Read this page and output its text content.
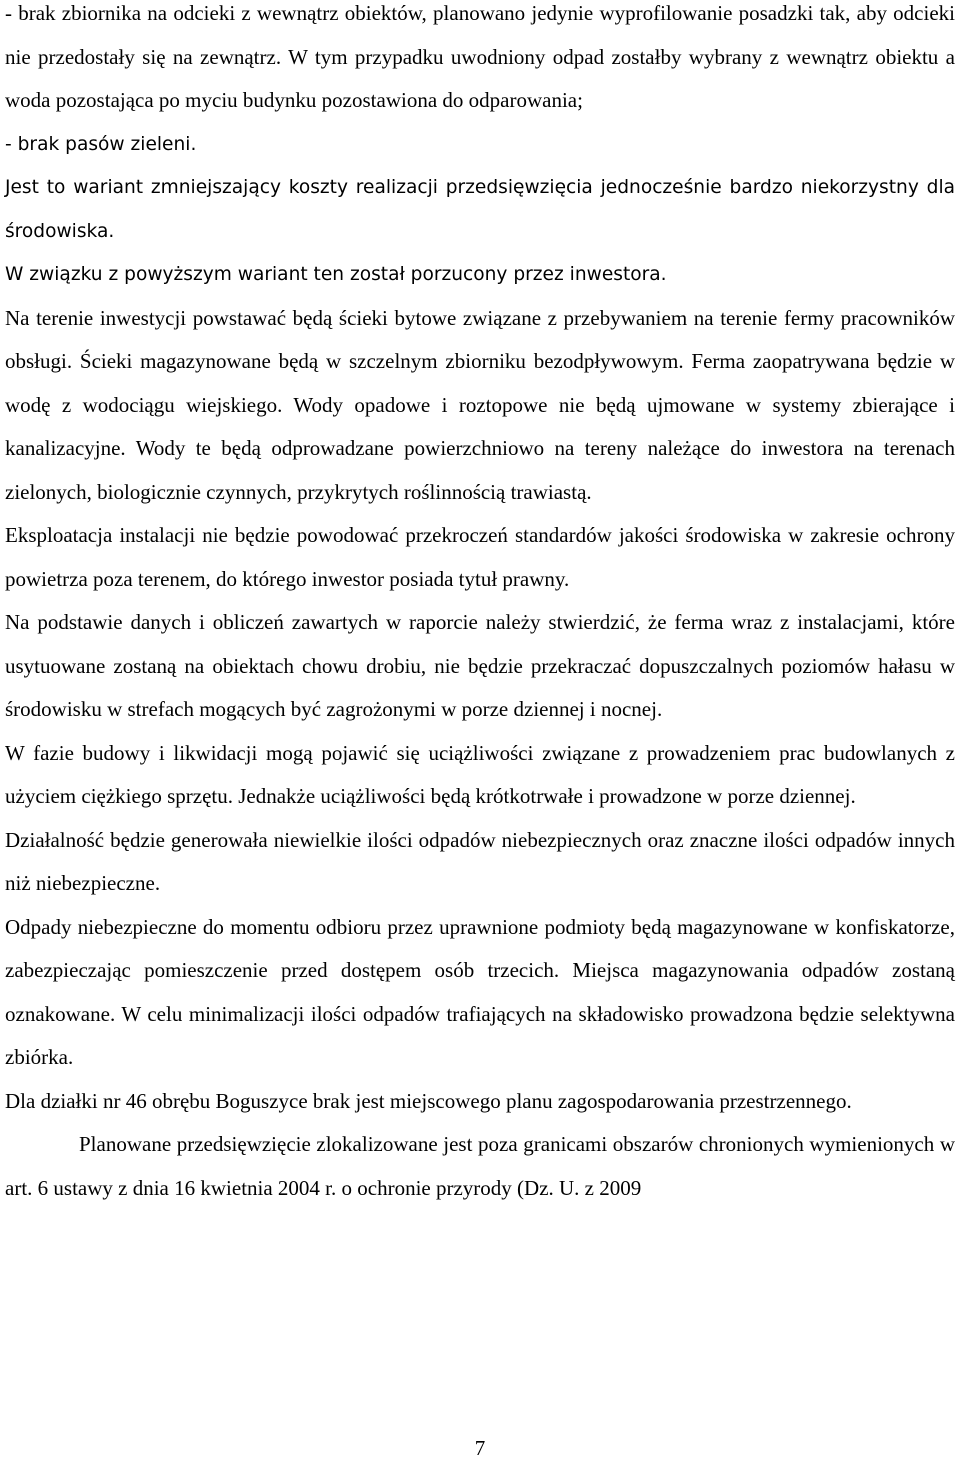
- brak zbiornika na odcieki z wewnątrz obiektów, planowano jedynie wyprofilowanie posadzki tak, aby odcieki nie przedostały się na zewnątrz. W tym przypadku uwodniony odpad zostałby wybrany z wewnątrz obiektu a woda pozostająca po myciu budynku pozostawiona do odparowania;

- brak pasów zieleni.

Jest to wariant zmniejszający koszty realizacji przedsięwzięcia jednocześnie bardzo niekorzystny dla środowiska.

W związku z powyższym wariant ten został porzucony przez inwestora.

Na terenie inwestycji powstawać będą ścieki bytowe związane z przebywaniem na terenie fermy pracowników obsługi. Ścieki magazynowane będą w szczelnym zbiorniku bezodpływowym. Ferma zaopatrywana będzie w wodę z wodociągu wiejskiego. Wody opadowe i roztopowe nie będą ujmowane w systemy zbierające i kanalizacyjne. Wody te będą odprowadzane powierzchniowo na tereny należące do inwestora na terenach zielonych, biologicznie czynnych, przykrytych roślinnością trawiastą.

Eksploatacja instalacji nie będzie powodować przekroczeń standardów jakości środowiska w zakresie ochrony powietrza poza terenem, do którego inwestor posiada tytuł prawny.

Na podstawie danych i obliczeń zawartych w raporcie należy stwierdzić, że ferma wraz z instalacjami, które usytuowane zostaną na obiektach chowu drobiu, nie będzie przekraczać dopuszczalnych poziomów hałasu w środowisku w strefach mogących być zagrożonymi w porze dziennej i nocnej.

W fazie budowy i likwidacji mogą pojawić się uciążliwości związane z prowadzeniem prac budowlanych z użyciem ciężkiego sprzętu. Jednakże uciążliwości będą krótkotrwałe i prowadzone w porze dziennej.

Działalność będzie generowała niewielkie ilości odpadów niebezpiecznych oraz znaczne ilości odpadów innych niż niebezpieczne.

Odpady niebezpieczne do momentu odbioru przez uprawnione podmioty będą magazynowane w konfiskatorze, zabezpieczając pomieszczenie przed dostępem osób trzecich. Miejsca magazynowania odpadów zostaną oznakowane. W celu minimalizacji ilości odpadów trafiających na składowisko prowadzona będzie selektywna zbiórka.

Dla działki nr 46 obrębu Boguszyce brak jest miejscowego planu zagospodarowania przestrzennego.

Planowane przedsięwzięcie zlokalizowane jest poza granicami obszarów chronionych wymienionych w art. 6 ustawy z dnia 16 kwietnia 2004 r. o ochronie przyrody (Dz. U. z 2009

7
